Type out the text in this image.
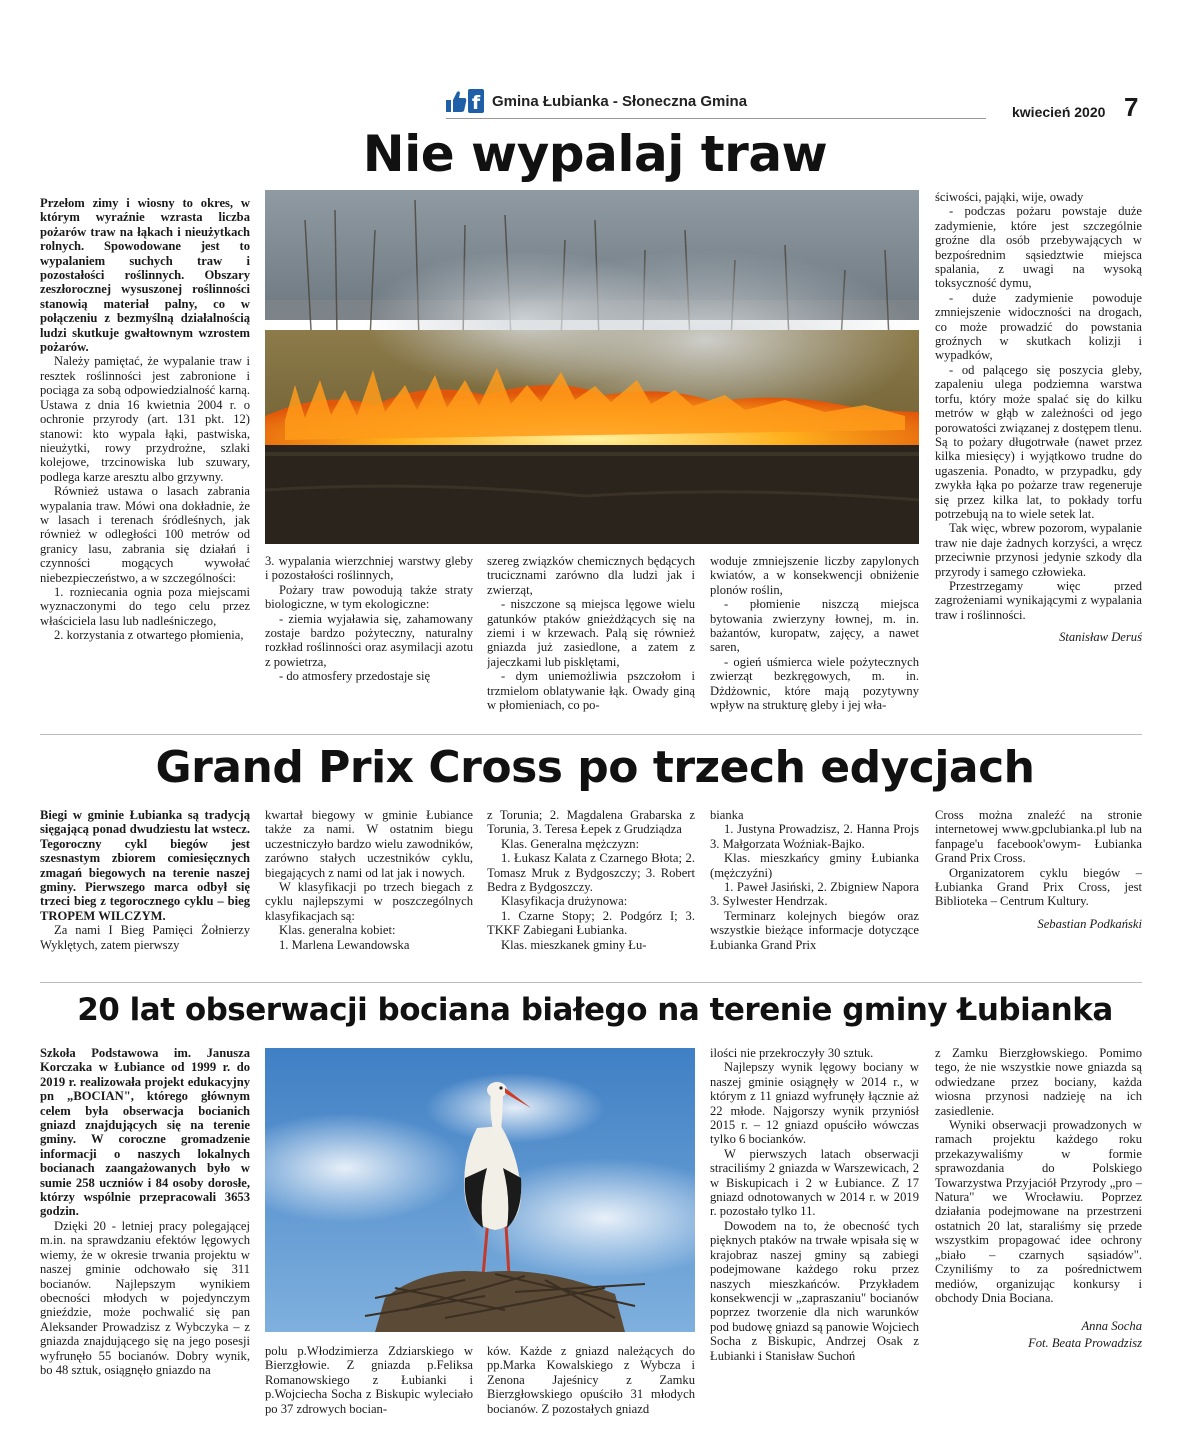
f Gmina Łubianka - Słoneczna Gmina
kwiecień 2020 7
Nie wypalaj traw

Przełom zimy i wiosny to okres, w którym wyraźnie wzrasta liczba pożarów traw na łąkach i nieużytkach rolnych. Spowodowane jest to wypalaniem suchych traw i pozostałości roślinnych. Obszary zeszłorocznej wysuszonej roślinności stanowią materiał palny, co w połączeniu z bezmyślną działalnością ludzi skutkuje gwałtownym wzrostem pożarów.

Należy pamiętać, że wypalanie traw i resztek roślinności jest zabronione i pociąga za sobą odpowiedzialność karną. Ustawa z dnia 16 kwietnia 2004 r. o ochronie przyrody (art. 131 pkt. 12) stanowi: kto wypala łąki, pastwiska, nieużytki, rowy przydrożne, szlaki kolejowe, trzcinowiska lub szuwary, podlega karze aresztu albo grzywny.

Również ustawa o lasach zabrania wypalania traw. Mówi ona dokładnie, że w lasach i terenach śródleśnych, jak również w odległości 100 metrów od granicy lasu, zabrania się działań i czynności mogących wywołać niebezpieczeństwo, a w szczególności:

1. rozniecania ognia poza miejscami wyznaczonymi do tego celu przez właściciela lasu lub nadleśniczego,

2. korzystania z otwartego płomienia,

3. wypalania wierzchniej warstwy gleby i pozostałości roślinnych,

Pożary traw powodują także straty biologiczne, w tym ekologiczne:

- ziemia wyjaławia się, zahamowany zostaje bardzo pożyteczny, naturalny rozkład roślinności oraz asymilacji azotu z powietrza,

- do atmosfery przedostaje się

szereg związków chemicznych będących trucicznami zarówno dla ludzi jak i zwierząt,

- niszczone są miejsca lęgowe wielu gatunków ptaków gnieżdżących się na ziemi i w krzewach. Palą się również gniazda już zasiedlone, a zatem z jajeczkami lub pisklętami,

- dym uniemożliwia pszczołom i trzmielom oblatywanie łąk. Owady giną w płomieniach, co po-

woduje zmniejszenie liczby zapylonych kwiatów, a w konsekwencji obniżenie plonów roślin,

- płomienie niszczą miejsca bytowania zwierzyny łownej, m. in. bażantów, kuropatw, zajęcy, a nawet saren,

- ogień uśmierca wiele pożytecznych zwierząt bezkręgowych, m. in. Dżdżownic, które mają pozytywny wpływ na strukturę gleby i jej wła-

ściwości, pająki, wije, owady

- podczas pożaru powstaje duże zadymienie, które jest szczególnie groźne dla osób przebywających w bezpośrednim sąsiedztwie miejsca spalania, z uwagi na wysoką toksyczność dymu,

- duże zadymienie powoduje zmniejszenie widoczności na drogach, co może prowadzić do powstania groźnych w skutkach kolizji i wypadków,

- od palącego się poszycia gleby, zapaleniu ulega podziemna warstwa torfu, który może spalać się do kilku metrów w głąb w zależności od jego porowatości związanej z dostępem tlenu. Są to pożary długotrwałe (nawet przez kilka miesięcy) i wyjątkowo trudne do ugaszenia. Ponadto, w przypadku, gdy zwykła łąka po pożarze traw regeneruje się przez kilka lat, to pokłady torfu potrzebują na to wiele setek lat.

Tak więc, wbrew pozorom, wypalanie traw nie daje żadnych korzyści, a wręcz przeciwnie przynosi jedynie szkody dla przyrody i samego człowieka.

Przestrzegamy więc przed zagrożeniami wynikającymi z wypalania traw i roślinności.

Stanisław Deruś

Grand Prix Cross po trzech edycjach

Biegi w gminie Łubianka są tradycją sięgającą ponad dwudziestu lat wstecz. Tegoroczny cykl biegów jest szesnastym zbiorem comiesięcznych zmagań biegowych na terenie naszej gminy. Pierwszego marca odbył się trzeci bieg z tegorocznego cyklu – bieg TROPEM WILCZYM.

Za nami I Bieg Pamięci Żołnierzy Wyklętych, zatem pierwszy

kwartał biegowy w gminie Łubiance także za nami. W ostatnim biegu uczestniczyło bardzo wielu zawodników, zarówno stałych uczestników cyklu, biegających z nami od lat jak i nowych.

W klasyfikacji po trzech biegach z cyklu najlepszymi w poszczególnych klasyfikacjach są:

Klas. generalna kobiet:

1. Marlena Lewandowska

z Torunia; 2. Magdalena Grabarska z Torunia, 3. Teresa Łepek z Grudziądza

Klas. Generalna mężczyzn:

1. Łukasz Kalata z Czarnego Błota; 2. Tomasz Mruk z Bydgoszczy; 3. Robert Bedra z Bydgoszczy.

Klasyfikacja drużynowa:

1. Czarne Stopy; 2. Podgórz I; 3. TKKF Zabiegani Łubianka.

Klas. mieszkanek gminy Łu-

bianka

1. Justyna Prowadzisz, 2. Hanna Projs 3. Małgorzata Woźniak-Bajko.

Klas. mieszkańcy gminy Łubianka (mężczyźni)

1. Paweł Jasiński, 2. Zbigniew Napora 3. Sylwester Hendrzak.

Terminarz kolejnych biegów oraz wszystkie bieżące informacje dotyczące Łubianka Grand Prix

Cross można znaleźć na stronie internetowej www.gpclubianka.pl lub na fanpage'u facebook'owym- Łubianka Grand Prix Cross.

Organizatorem cyklu biegów – Łubianka Grand Prix Cross, jest Biblioteka – Centrum Kultury.

Sebastian Podkański

20 lat obserwacji bociana białego na terenie gminy Łubianka

Szkoła Podstawowa im. Janusza Korczaka w Łubiance od 1999 r. do 2019 r. realizowała projekt edukacyjny pn „BOCIAN", którego głównym celem była obserwacja bocianich gniazd znajdujących się na terenie gminy. W coroczne gromadzenie informacji o naszych lokalnych bocianach zaangażowanych było w sumie 258 uczniów i 84 osoby dorosłe, którzy wspólnie przepracowali 3653 godzin.

Dzięki 20 - letniej pracy polegającej m.in. na sprawdzaniu efektów lęgowych wiemy, że w okresie trwania projektu w naszej gminie odchowało się 311 bocianów. Najlepszym wynikiem obecności młodych w pojedynczym gnieździe, może pochwalić się pan Aleksander Prowadzisz z Wybczyka – z gniazda znajdującego się na jego posesji wyfrunęło 55 bocianów. Dobry wynik, bo 48 sztuk, osiągnęło gniazdo na

polu p.Włodzimierza Zdziarskiego w Bierzgłowie. Z gniazda p.Feliksa Romanowskiego z Łubianki i p.Wojciecha Socha z Biskupic wyleciało po 37 zdrowych bocian-

ków. Każde z gniazd należących do pp.Marka Kowalskiego z Wybcza i Zenona Jajeśnicy z Zamku Bierzgłowskiego opuściło 31 młodych bocianów. Z pozostałych gniazd

ilości nie przekroczyły 30 sztuk.

Najlepszy wynik lęgowy bociany w naszej gminie osiągnęły w 2014 r., w którym z 11 gniazd wyfrunęły łącznie aż 22 młode. Najgorszy wynik przyniósł 2015 r. – 12 gniazd opuściło wówczas tylko 6 bocianków.

W pierwszych latach obserwacji straciliśmy 2 gniazda w Warszewicach, 2 w Biskupicach i 2 w Łubiance. Z 17 gniazd odnotowanych w 2014 r. w 2019 r. pozostało tylko 11.

Dowodem na to, że obecność tych pięknych ptaków na trwałe wpisała się w krajobraz naszej gminy są zabiegi podejmowane każdego roku przez naszych mieszkańców. Przykładem konsekwencji w „zapraszaniu" bocianów poprzez tworzenie dla nich warunków pod budowę gniazd są panowie Wojciech Socha z Biskupic, Andrzej Osak z Łubianki i Stanisław Suchoń

z Zamku Bierzgłowskiego. Pomimo tego, że nie wszystkie nowe gniazda są odwiedzane przez bociany, każda wiosna przynosi nadzieję na ich zasiedlenie.

Wyniki obserwacji prowadzonych w ramach projektu każdego roku przekazywaliśmy w formie sprawozdania do Polskiego Towarzystwa Przyjaciół Przyrody „pro – Natura" we Wrocławiu. Poprzez działania podejmowane na przestrzeni ostatnich 20 lat, staraliśmy się przede wszystkim propagować idee ochrony „biało – czarnych sąsiadów". Czyniliśmy to za pośrednictwem mediów, organizując konkursy i obchody Dnia Bociana.

Anna Socha

Fot. Beata Prowadzisz
